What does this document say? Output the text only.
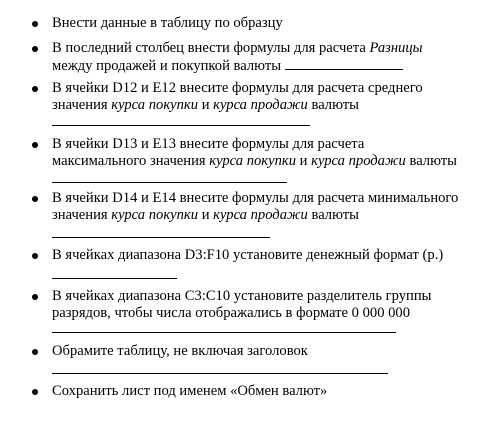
Внести данные в таблицу по образцу
В последний столбец внести формулы для расчета Разницы
между продажей и покупкой валюты
В ячейки D12 и E12 внесите формулы для расчета среднего
значения курса покупки и курса продажи валюты
В ячейки D13 и E13 внесите формулы для расчета
максимального значения курса покупки и курса продажи валюты
В ячейки D14 и E14 внесите формулы для расчета минимального
значения курса покупки и курса продажи валюты
В ячейках диапазона D3:F10 установите денежный формат (р.)
В ячейках диапазона C3:C10 установите разделитель группы
разрядов, чтобы числа отображались в формате 0 000 000
Обрамите таблицу, не включая заголовок
Сохранить лист под именем «Обмен валют»
